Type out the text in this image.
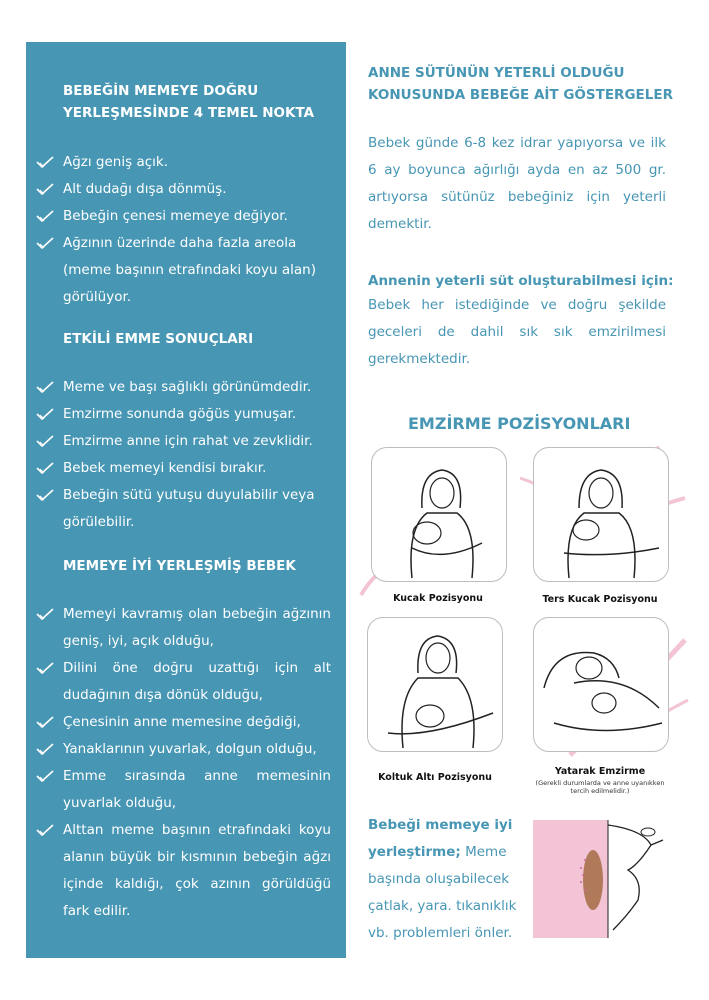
BEBEĞİN MEMEYE DOĞRU YERLEŞMESİNDE 4 TEMEL NOKTA
Ağzı geniş açık.
Alt dudağı dışa dönmüş.
Bebeğin çenesi memeye değiyor.
Ağzının üzerinde daha fazla areola (meme başının etrafındaki koyu alan) görülüyor.
ETKİLİ EMME SONUÇLARI
Meme ve başı sağlıklı görünümdedir.
Emzirme sonunda göğüs yumuşar.
Emzirme anne için rahat ve zevklidir.
Bebek memeyi kendisi bırakır.
Bebeğin sütü yutuşu duyulabilir veya görülebilir.
MEMEYE İYİ YERLEŞMİŞ BEBEK
Memeyi kavramış olan bebeğin ağzının geniş, iyi, açık olduğu,
Dilini öne doğru uzattığı için alt dudağının dışa dönük olduğu,
Çenesinin anne memesine değdiği,
Yanaklarının yuvarlak, dolgun olduğu,
Emme sırasında anne memesinin yuvarlak olduğu,
Alttan meme başının etrafındaki koyu alanın büyük bir kısmının bebeğin ağzı içinde kaldığı, çok azının görüldüğü fark edilir.
ANNE SÜTÜNÜN YETERLİ OLDUĞU KONUSUNDA BEBEĞE AİT GÖSTERGELER

Bebek günde 6-8 kez idrar yapıyorsa ve ilk 6 ay boyunca ağırlığı ayda en az 500 gr. artıyorsa sütünüz bebeğiniz için yeterli demektir.

Annenin yeterli süt oluşturabilmesi için:

Bebek her istediğinde ve doğru şekilde geceleri de dahil sık sık emzirilmesi gerekmektedir.

EMZİRME POZİSYONLARI
Kucak Pozisyonu	Ters Kucak Pozisyonu
Koltuk Altı Pozisyonu
Yatarak Emzirme
(Gerekli durumlarda ve anne uyanıkken tercih edilmelidir.)

Bebeği memeye iyi yerleştirme; Meme başında oluşabilecek çatlak, yara. tıkanıklık vb. problemleri önler.
